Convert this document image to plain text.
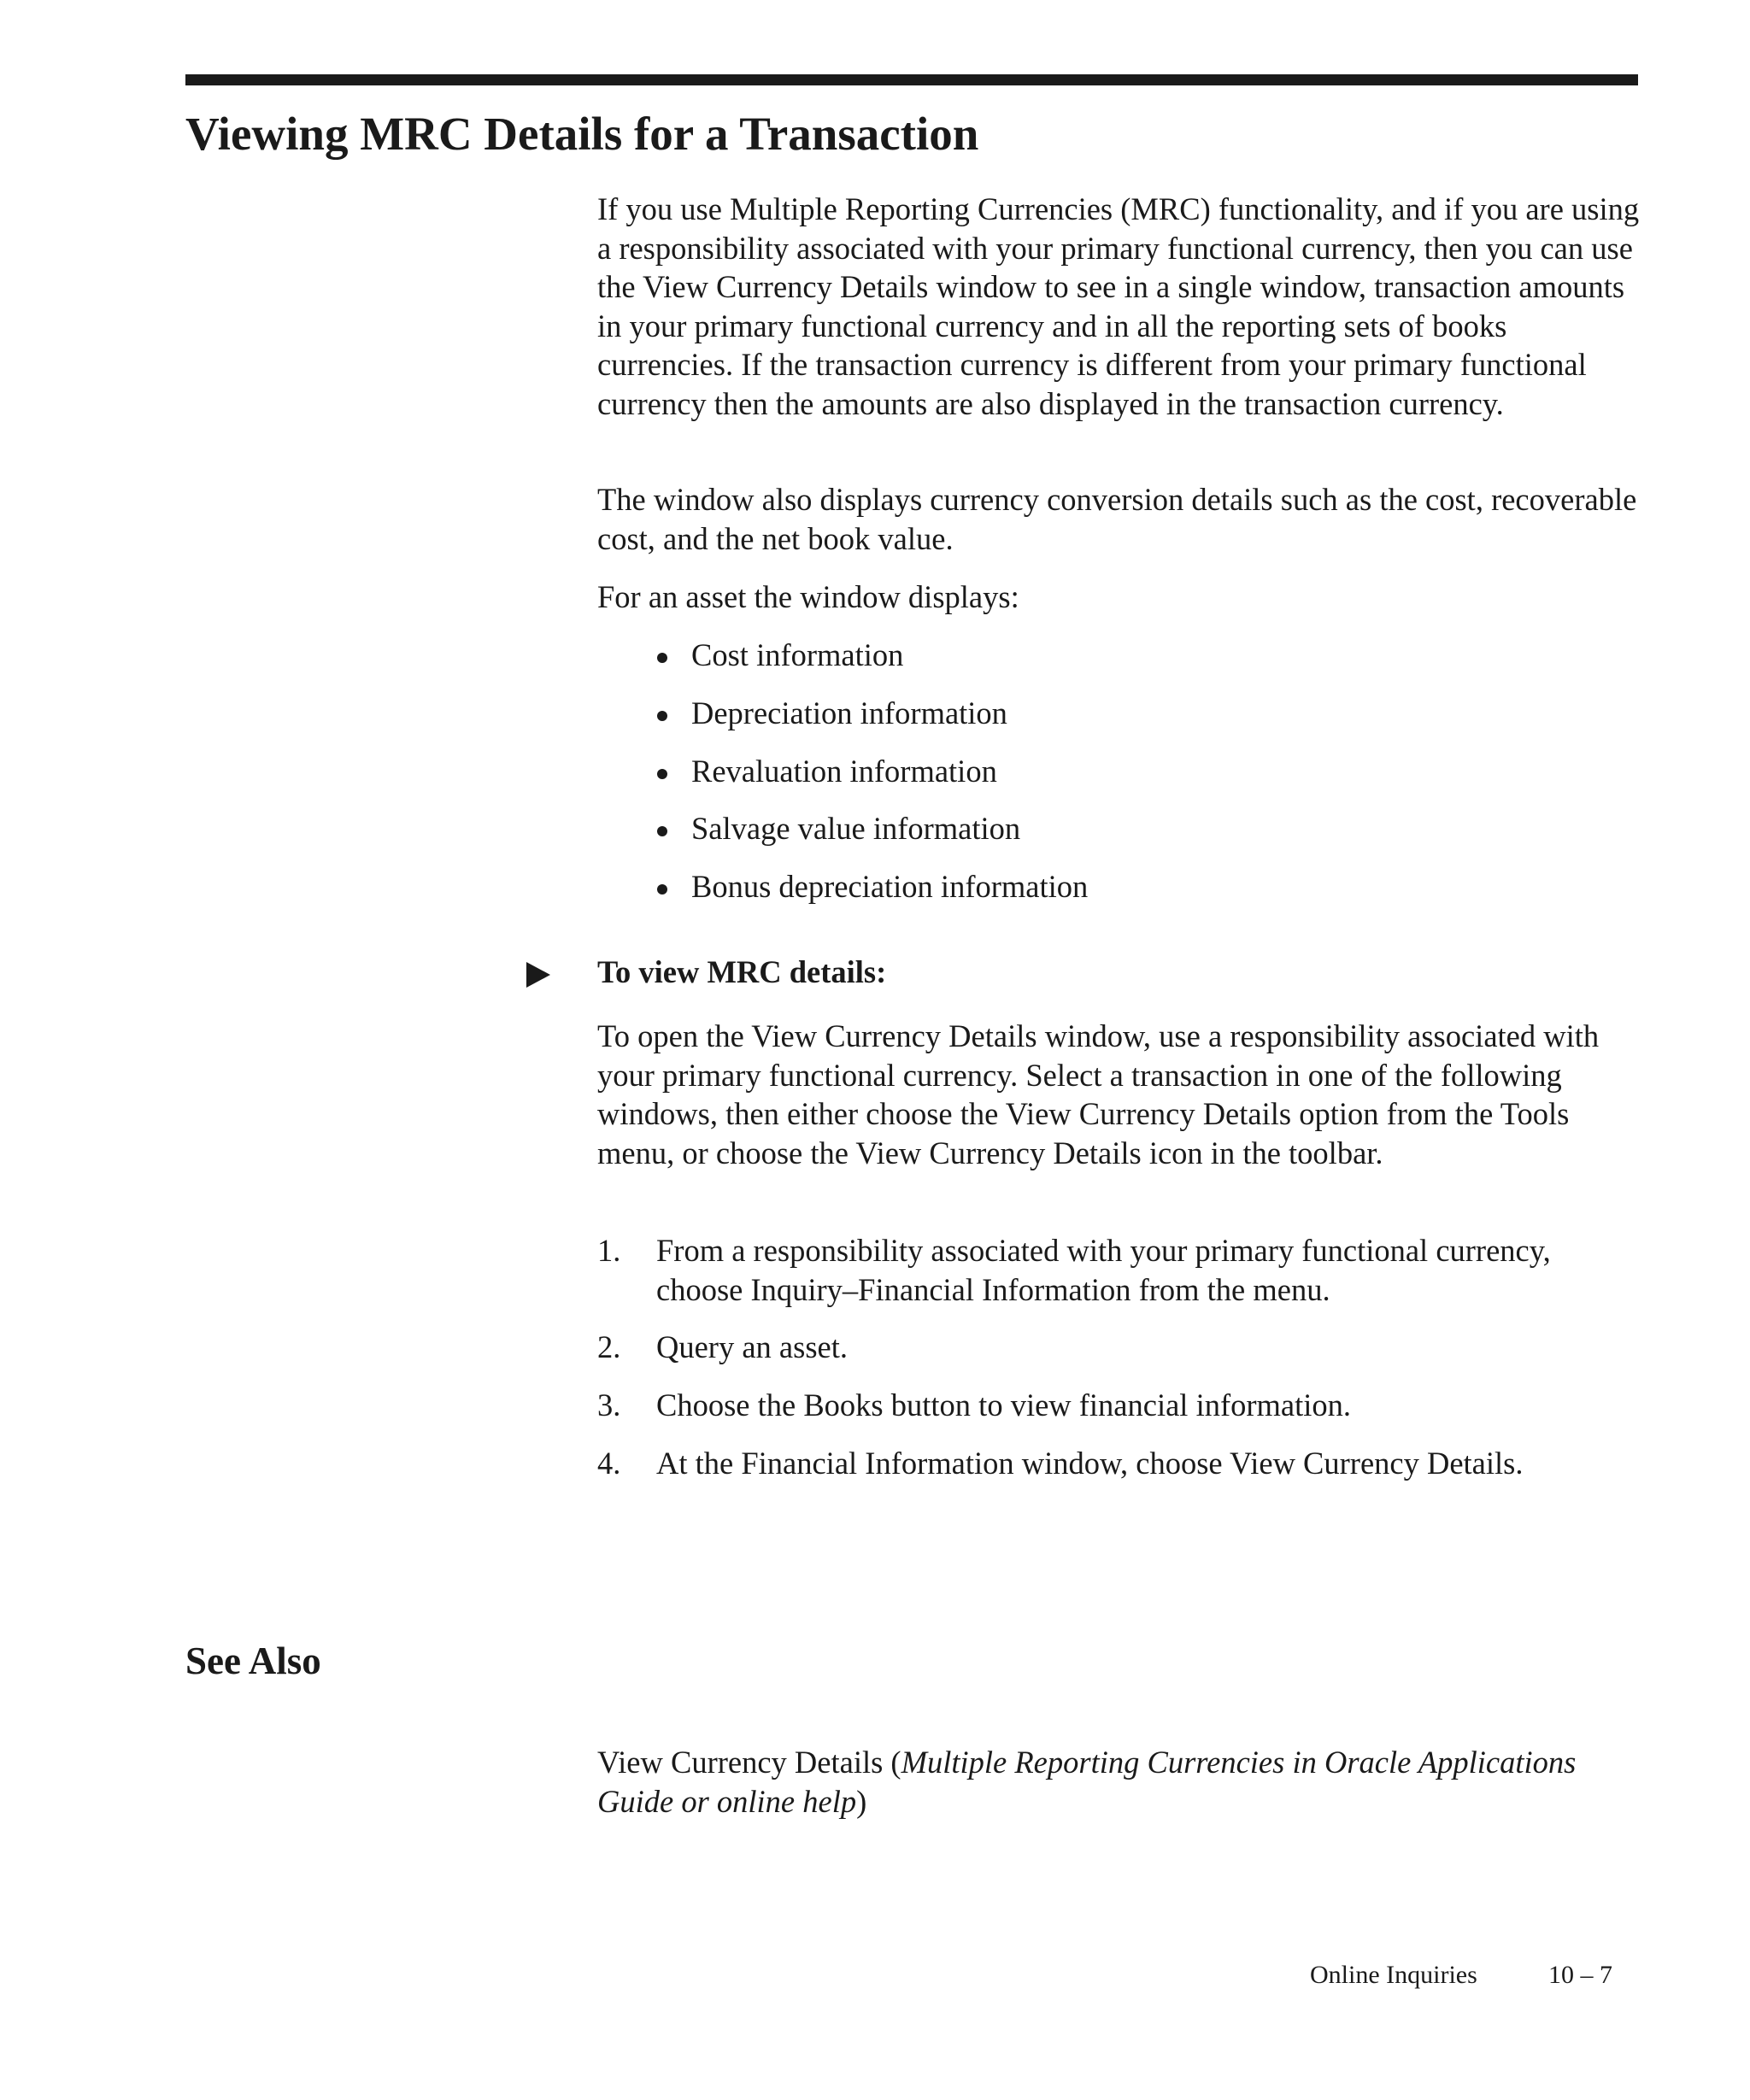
Viewing MRC Details for a Transaction

If you use Multiple Reporting Currencies (MRC) functionality, and if you are using a responsibility associated with your primary functional currency, then you can use the View Currency Details window to see in a single window, transaction amounts in your primary functional currency and in all the reporting sets of books currencies. If the transaction currency is different from your primary functional currency then the amounts are also displayed in the transaction currency.

The window also displays currency conversion details such as the cost, recoverable cost, and the net book value.

For an asset the window displays:

Cost information
Depreciation information
Revaluation information
Salvage value information
Bonus depreciation information
To view MRC details:

To open the View Currency Details window, use a responsibility associated with your primary functional currency. Select a transaction in one of the following windows, then either choose the View Currency Details option from the Tools menu, or choose the View Currency Details icon in the toolbar.

1. From a responsibility associated with your primary functional currency, choose Inquiry–Financial Information from the menu.
2. Query an asset.
3. Choose the Books button to view financial information.
4. At the Financial Information window, choose View Currency Details.
See Also

View Currency Details (Multiple Reporting Currencies in Oracle Applications Guide or online help)

Online Inquiries	10 – 7
